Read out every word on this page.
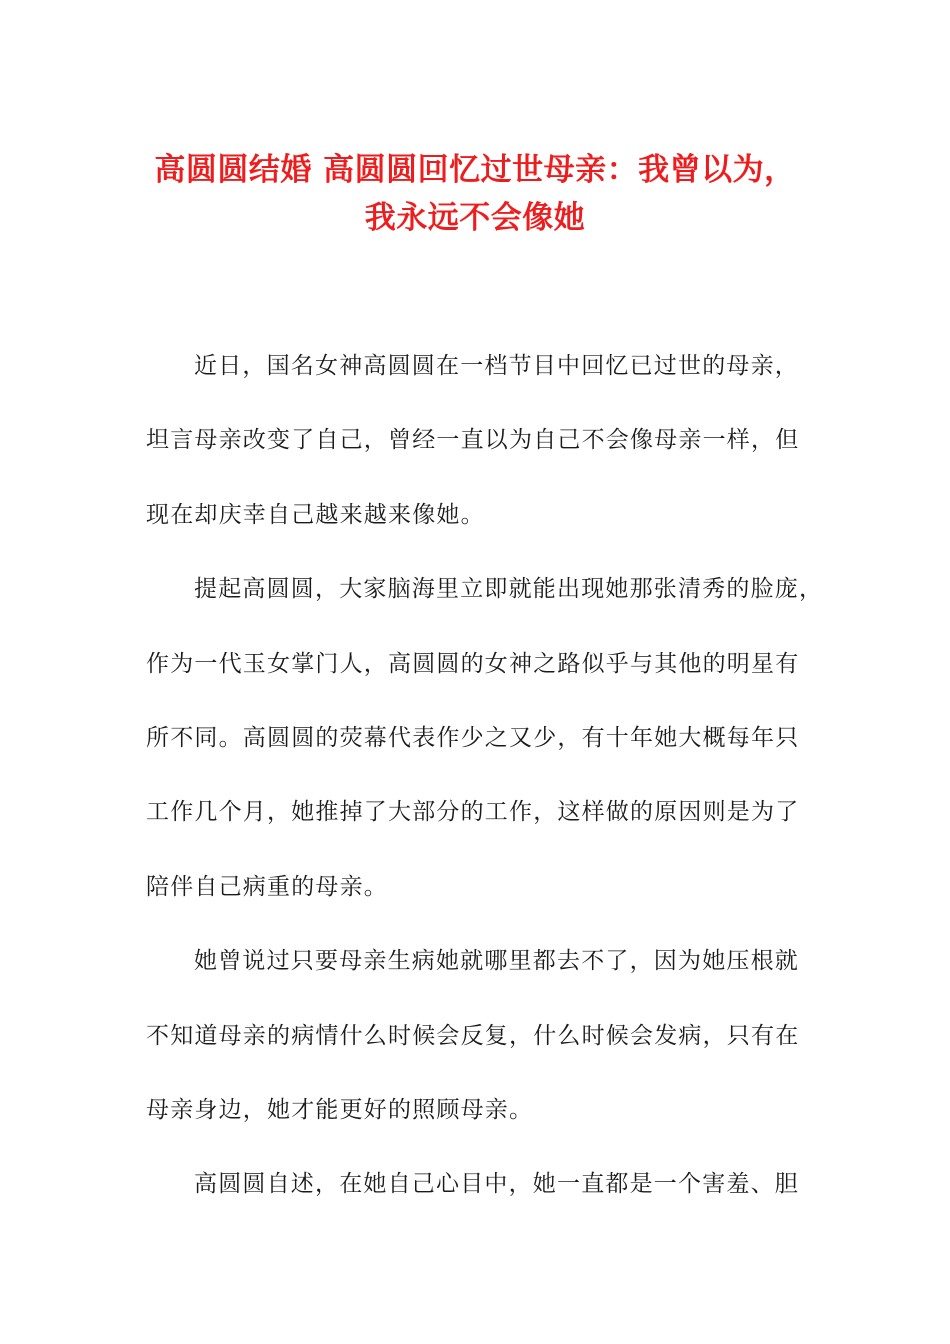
高圆圆结婚 高圆圆回忆过世母亲：我曾以为，
我永远不会像她
近日，国名女神高圆圆在一档节目中回忆已过世的母亲，
坦言母亲改变了自己，曾经一直以为自己不会像母亲一样，但
现在却庆幸自己越来越来像她。
提起高圆圆，大家脑海里立即就能出现她那张清秀的脸庞，
作为一代玉女掌门人，高圆圆的女神之路似乎与其他的明星有
所不同。高圆圆的荧幕代表作少之又少，有十年她大概每年只
工作几个月，她推掉了大部分的工作，这样做的原因则是为了
陪伴自己病重的母亲。
她曾说过只要母亲生病她就哪里都去不了，因为她压根就
不知道母亲的病情什么时候会反复，什么时候会发病，只有在
母亲身边，她才能更好的照顾母亲。
高圆圆自述，在她自己心目中，她一直都是一个害羞、胆
